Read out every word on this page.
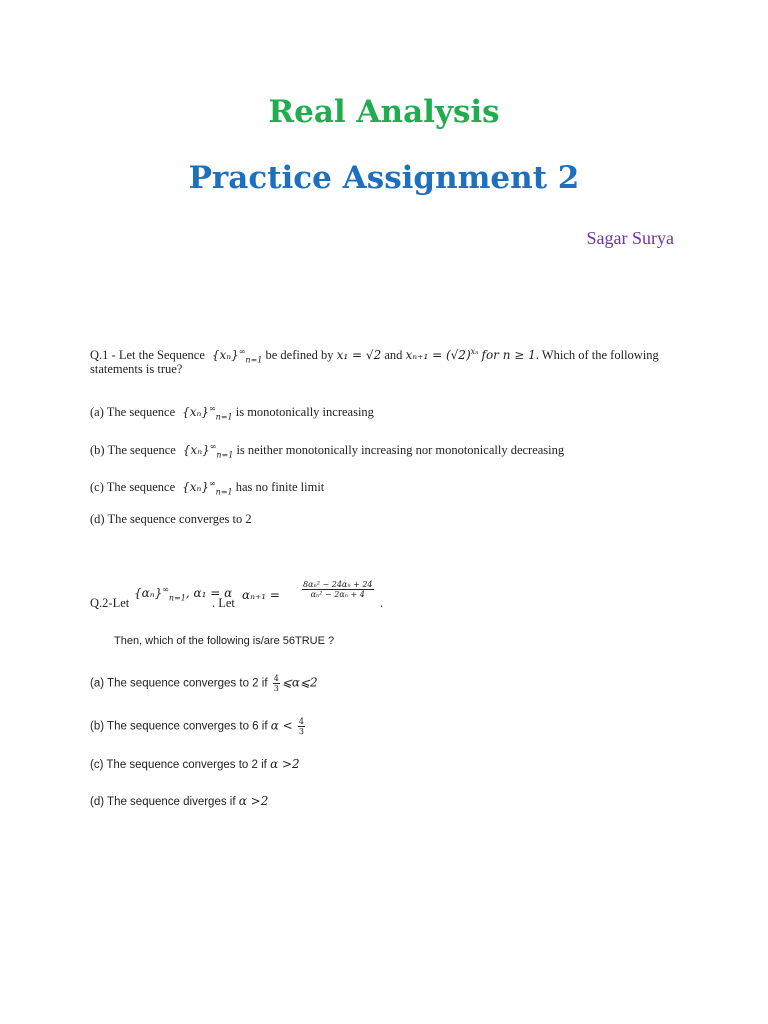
Real Analysis
Practice Assignment 2
Sagar Surya
Q.1 - Let the Sequence $\{x_n\}^\infty_{n=1}$ be defined by x₁ = √2 and $x_{n+1} = (√2)^{x_n}$ for n ≥ 1. Which of the following
statements is true?
(a) The sequence $\{x_n\}^\infty_{n=1}$ is monotonically increasing
(b) The sequence $\{x_n\}^\infty_{n=1}$ is neither monotonically increasing nor monotonically decreasing
(c) The sequence $\{x_n\}^\infty_{n=1}$ has no finite limit
(d) The sequence converges to 2
Q.2-Let
$\{\alpha_n\}^\infty_{n=1}$, α₁ = α
. Let
αₙ₊₁ =	$\frac{\text{8αₙ² − 24αₙ + 24}}{\text{αₙ² − 2αₙ + 4}}$
.
Then, which of the following is/are 56TRUE ?
(a) The sequence converges to 2 if $\frac{4}{3}$ ⩽α⩽2
(b) The sequence converges to 6 if $\alpha < \frac{4}{3}$
(c) The sequence converges to 2 if α >2
(d) The sequence diverges if α >2
